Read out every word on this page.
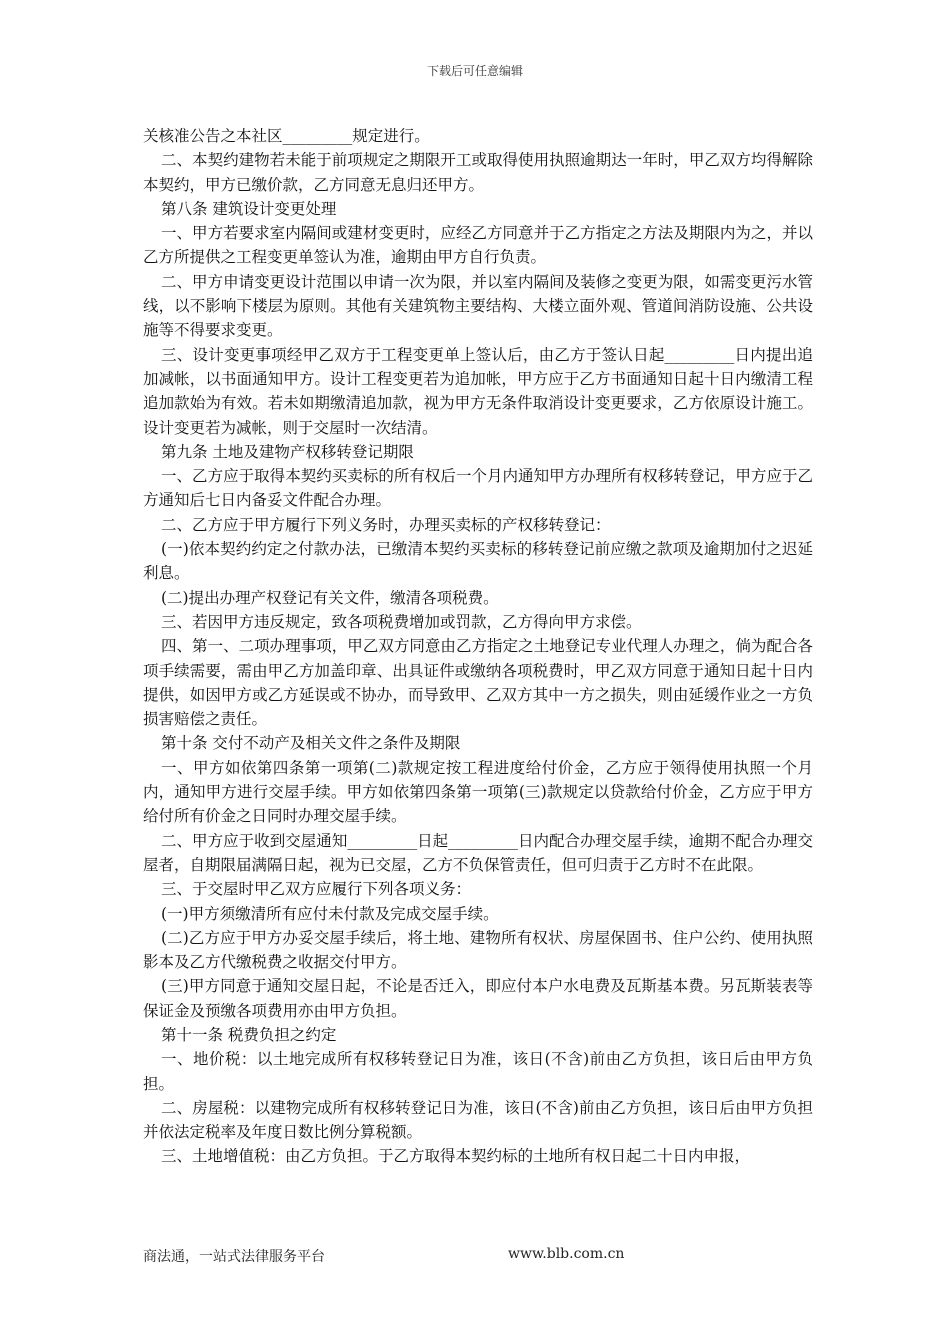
下载后可任意编辑

关核准公告之本社区_________规定进行。

二、本契约建物若未能于前项规定之期限开工或取得使用执照逾期达一年时，甲乙双方均得解除本契约，甲方已缴价款，乙方同意无息归还甲方。

第八条 建筑设计变更处理

一、甲方若要求室内隔间或建材变更时，应经乙方同意并于乙方指定之方法及期限内为之，并以乙方所提供之工程变更单签认为准，逾期由甲方自行负责。

二、甲方申请变更设计范围以申请一次为限，并以室内隔间及装修之变更为限，如需变更污水管线，以不影响下楼层为原则。其他有关建筑物主要结构、大楼立面外观、管道间消防设施、公共设施等不得要求变更。

三、设计变更事项经甲乙双方于工程变更单上签认后，由乙方于签认日起_________日内提出追加减帐，以书面通知甲方。设计工程变更若为追加帐，甲方应于乙方书面通知日起十日内缴清工程追加款始为有效。若未如期缴清追加款，视为甲方无条件取消设计变更要求，乙方依原设计施工。设计变更若为减帐，则于交屋时一次结清。

第九条 土地及建物产权移转登记期限

一、乙方应于取得本契约买卖标的所有权后一个月内通知甲方办理所有权移转登记，甲方应于乙方通知后七日内备妥文件配合办理。

二、乙方应于甲方履行下列义务时，办理买卖标的产权移转登记：

(一)依本契约约定之付款办法，已缴清本契约买卖标的移转登记前应缴之款项及逾期加付之迟延利息。

(二)提出办理产权登记有关文件，缴清各项税费。

三、若因甲方违反规定，致各项税费增加或罚款，乙方得向甲方求偿。

四、第一、二项办理事项，甲乙双方同意由乙方指定之土地登记专业代理人办理之，倘为配合各项手续需要，需由甲乙方加盖印章、出具证件或缴纳各项税费时，甲乙双方同意于通知日起十日内提供，如因甲方或乙方延误或不协办，而导致甲、乙双方其中一方之损失，则由延缓作业之一方负损害赔偿之责任。

第十条 交付不动产及相关文件之条件及期限

一、甲方如依第四条第一项第(二)款规定按工程进度给付价金，乙方应于领得使用执照一个月内，通知甲方进行交屋手续。甲方如依第四条第一项第(三)款规定以贷款给付价金，乙方应于甲方给付所有价金之日同时办理交屋手续。

二、甲方应于收到交屋通知_________日起_________日内配合办理交屋手续，逾期不配合办理交屋者，自期限届满隔日起，视为已交屋，乙方不负保管责任，但可归责于乙方时不在此限。

三、于交屋时甲乙双方应履行下列各项义务：

(一)甲方须缴清所有应付未付款及完成交屋手续。

(二)乙方应于甲方办妥交屋手续后，将土地、建物所有权状、房屋保固书、住户公约、使用执照影本及乙方代缴税费之收据交付甲方。

(三)甲方同意于通知交屋日起，不论是否迁入，即应付本户水电费及瓦斯基本费。另瓦斯装表等保证金及预缴各项费用亦由甲方负担。

第十一条 税费负担之约定

一、地价税：以土地完成所有权移转登记日为准，该日(不含)前由乙方负担，该日后由甲方负担。

二、房屋税：以建物完成所有权移转登记日为准，该日(不含)前由乙方负担，该日后由甲方负担并依法定税率及年度日数比例分算税额。

三、土地增值税：由乙方负担。于乙方取得本契约标的土地所有权日起二十日内申报，

商法通，一站式法律服务平台	www.blb.com.cn
